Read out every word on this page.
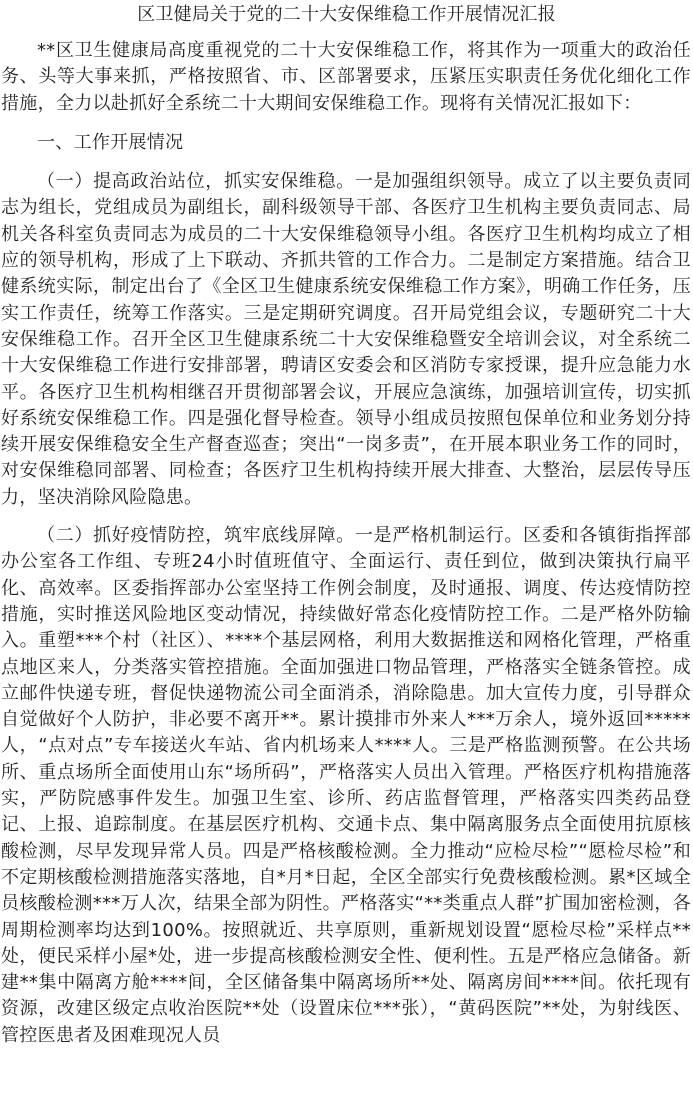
区卫健局关于党的二十大安保维稳工作开展情况汇报

**区卫生健康局高度重视党的二十大安保维稳工作，将其作为一项重大的政治任务、头等大事来抓，严格按照省、市、区部署要求，压紧压实职责任务优化细化工作措施，全力以赴抓好全系统二十大期间安保维稳工作。现将有关情况汇报如下：

一、工作开展情况

（一）提高政治站位，抓实安保维稳。一是加强组织领导。成立了以主要负责同志为组长，党组成员为副组长，副科级领导干部、各医疗卫生机构主要负责同志、局机关各科室负责同志为成员的二十大安保维稳领导小组。各医疗卫生机构均成立了相应的领导机构，形成了上下联动、齐抓共管的工作合力。二是制定方案措施。结合卫健系统实际，制定出台了《全区卫生健康系统安保维稳工作方案》，明确工作任务，压实工作责任，统筹工作落实。三是定期研究调度。召开局党组会议，专题研究二十大安保维稳工作。召开全区卫生健康系统二十大安保维稳暨安全培训会议，对全系统二十大安保维稳工作进行安排部署，聘请区安委会和区消防专家授课，提升应急能力水平。各医疗卫生机构相继召开贯彻部署会议，开展应急演练，加强培训宣传，切实抓好系统安保维稳工作。四是强化督导检查。领导小组成员按照包保单位和业务划分持续开展安保维稳安全生产督查巡查；突出“一岗多责”，在开展本职业务工作的同时，对安保维稳同部署、同检查；各医疗卫生机构持续开展大排查、大整治，层层传导压力，坚决消除风险隐患。

（二）抓好疫情防控，筑牢底线屏障。一是严格机制运行。区委和各镇街指挥部办公室各工作组、专班24小时值班值守、全面运行、责任到位，做到决策执行扁平化、高效率。区委指挥部办公室坚持工作例会制度，及时通报、调度、传达疫情防控措施，实时推送风险地区变动情况，持续做好常态化疫情防控工作。二是严格外防输入。重塑***个村（社区）、****个基层网格，利用大数据推送和网格化管理，严格重点地区来人，分类落实管控措施。全面加强进口物品管理，严格落实全链条管控。成立邮件快递专班，督促快递物流公司全面消杀，消除隐患。加大宣传力度，引导群众自觉做好个人防护，非必要不离开**。累计摸排市外来人***万余人，境外返回*****人，“点对点”专车接送火车站、省内机场来人****人。三是严格监测预警。在公共场所、重点场所全面使用山东“场所码”，严格落实人员出入管理。严格医疗机构措施落实，严防院感事件发生。加强卫生室、诊所、药店监督管理，严格落实四类药品登记、上报、追踪制度。在基层医疗机构、交通卡点、集中隔离服务点全面使用抗原核酸检测，尽早发现异常人员。四是严格核酸检测。全力推动“应检尽检”“愿检尽检”和不定期核酸检测措施落实落地，自*月*日起，全区全部实行免费核酸检测。累*区域全员核酸检测***万人次，结果全部为阴性。严格落实“**类重点人群”扩围加密检测，各周期检测率均达到100%。按照就近、共享原则，重新规划设置“愿检尽检”采样点**处，便民采样小屋*处，进一步提高核酸检测安全性、便利性。五是严格应急储备。新建**集中隔离方舱****间，全区储备集中隔离场所**处、隔离房间****间。依托现有资源，改建区级定点收治医院**处（设置床位***张），“黄码医院”**处，为射线医、管控医患者及困难现况人员
